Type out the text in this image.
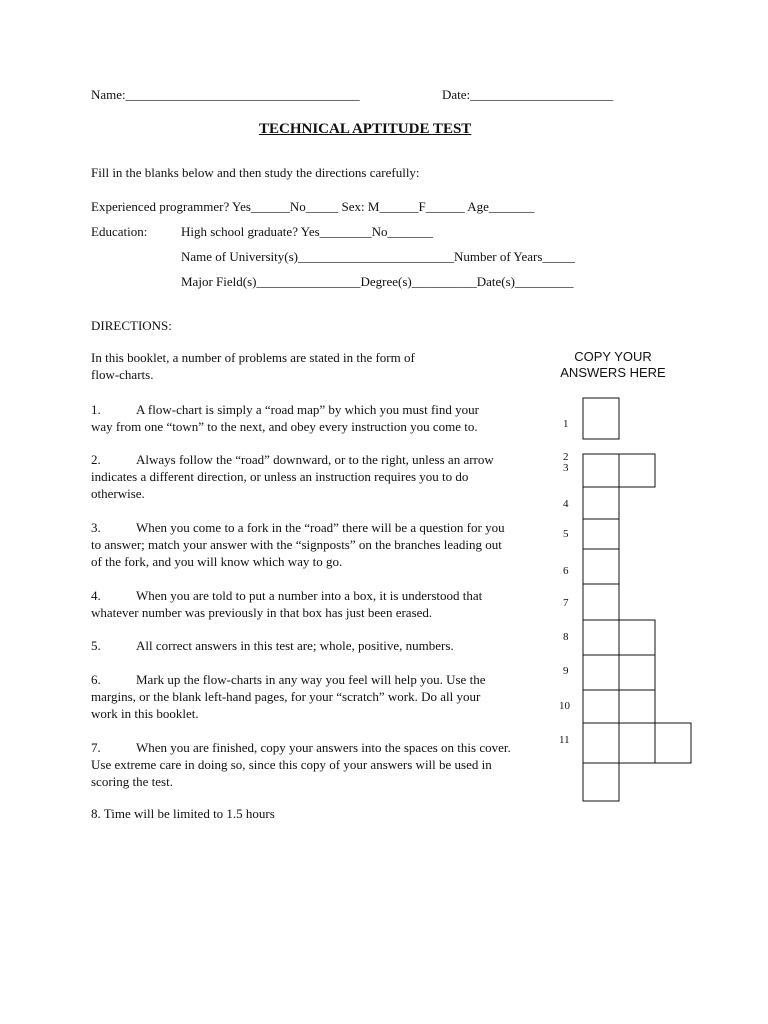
Name:____________________________________	Date:______________________
TECHNICAL APTITUDE TEST
Fill in the blanks below and then study the directions carefully:
Experienced programmer? Yes______No_____ Sex: M______F______ Age_______
Education:	High school graduate? Yes________No_______
Name of University(s)________________________Number of Years_____
Major Field(s)________________Degree(s)__________Date(s)_________
DIRECTIONS:
In this booklet, a number of problems are stated in the form of
flow-charts.
COPY YOUR
ANSWERS HERE
1.	A flow-chart is simply a “road map” by which you must find your
way from one “town” to the next, and obey every instruction you come to.
2.	Always follow the “road” downward, or to the right, unless an arrow
indicates a different direction, or unless an instruction requires you to do
otherwise.
3.	When you come to a fork in the “road” there will be a question for you
to answer; match your answer with the “signposts” on the branches leading out
of the fork, and you will know which way to go.
4.	When you are told to put a number into a box, it is understood that
whatever number was previously in that box has just been erased.
5.	All correct answers in this test are; whole, positive, numbers.
6.	Mark up the flow-charts in any way you feel will help you. Use the
margins, or the blank left-hand pages, for your “scratch” work. Do all your
work in this booklet.
7.	When you are finished, copy your answers into the spaces on this cover.
Use extreme care in doing so, since this copy of your answers will be used in
scoring the test.
8. Time will be limited to 1.5 hours
1
2
3
4
5
6
7
8
9
10
11
